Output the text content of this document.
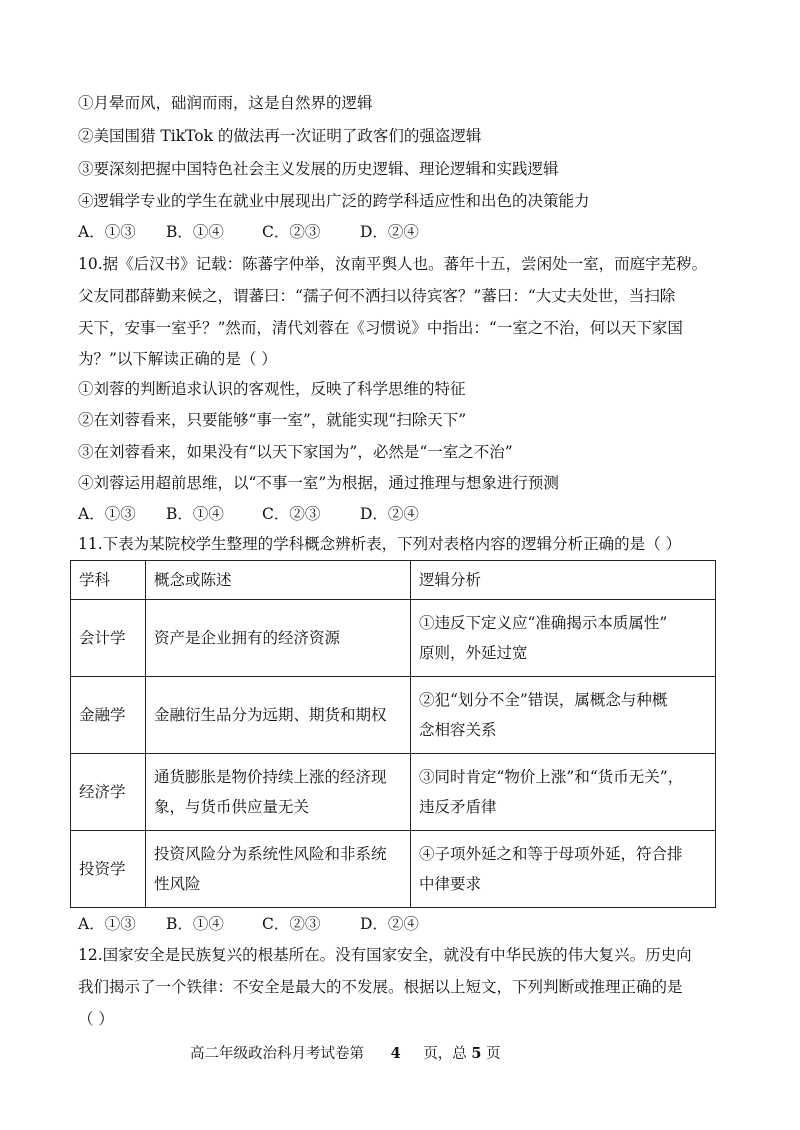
①月晕而风，础润而雨，这是自然界的逻辑
②美国围猎 TikTok 的做法再一次证明了政客们的强盗逻辑
③要深刻把握中国特色社会主义发展的历史逻辑、理论逻辑和实践逻辑
④逻辑学专业的学生在就业中展现出广泛的跨学科适应性和出色的决策能力
A．①③ B．①④ C．②③	D．②④
10.据《后汉书》记载：陈蕃字仲举，汝南平舆人也。蕃年十五，尝闲处一室，而庭宇芜秽。
父友同郡薛勤来候之，谓蕃曰：“孺子何不洒扫以待宾客？”蕃曰：“大丈夫处世，当扫除
天下，安事一室乎？”然而，清代刘蓉在《习惯说》中指出：“一室之不治，何以天下家国
为？”以下解读正确的是（ ）
①刘蓉的判断追求认识的客观性，反映了科学思维的特征
②在刘蓉看来，只要能够“事一室”，就能实现“扫除天下”
③在刘蓉看来，如果没有“以天下家国为”，必然是“一室之不治”
④刘蓉运用超前思维，以“不事一室”为根据，通过推理与想象进行预测
A．①③ B．①④ C．②③	D．②④
11.下表为某院校学生整理的学科概念辨析表，下列对表格内容的逻辑分析正确的是（ ）
学科	概念或陈述	逻辑分析
会计学	资产是企业拥有的经济资源	①违反下定义应“准确揭示本质属性”
原则，外延过宽
金融学	金融衍生品分为远期、期货和期权	②犯“划分不全”错误，属概念与种概
念相容关系
经济学	通货膨胀是物价持续上涨的经济现
象，与货币供应量无关	③同时肯定“物价上涨”和“货币无关”，
违反矛盾律
投资学	投资风险分为系统性风险和非系统
性风险	④子项外延之和等于母项外延，符合排
中律要求
A．①③ B．①④ C．②③	D．②④
12.国家安全是民族复兴的根基所在。没有国家安全，就没有中华民族的伟大复兴。历史向
我们揭示了一个铁律：不安全是最大的不发展。根据以上短文，下列判断或推理正确的是
（ ）
高二年级政治科月考试卷第 4 页，总 5 页
